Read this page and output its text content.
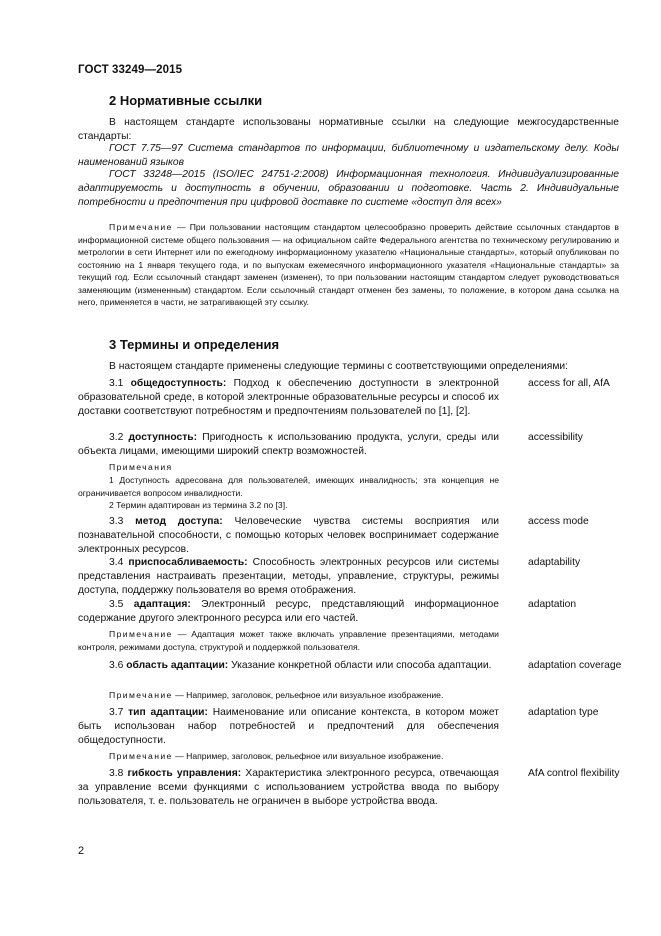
ГОСТ 33249—2015
2 Нормативные ссылки
В настоящем стандарте использованы нормативные ссылки на следующие межгосударственные стандарты:
ГОСТ 7.75—97 Система стандартов по информации, библиотечному и издательскому делу. Коды наименований языков
ГОСТ 33248—2015 (ISO/IEC 24751-2:2008) Информационная технология. Индивидуализированные адаптируемость и доступность в обучении, образовании и подготовке. Часть 2. Индивидуальные потребности и предпочтения при цифровой доставке по системе «доступ для всех»
Примечание — При пользовании настоящим стандартом целесообразно проверить действие ссылочных стандартов в информационной системе общего пользования — на официальном сайте Федерального агентства по техническому регулированию и метрологии в сети Интернет или по ежегодному информационному указателю «Национальные стандарты», который опубликован по состоянию на 1 января текущего года, и по выпускам ежемесячного информационного указателя «Национальные стандарты» за текущий год. Если ссылочный стандарт заменен (изменен), то при пользовании настоящим стандартом следует руководствоваться заменяющим (измененным) стандартом. Если ссылочный стандарт отменен без замены, то положение, в котором дана ссылка на него, применяется в части, не затрагивающей эту ссылку.
3 Термины и определения
В настоящем стандарте применены следующие термины с соответствующими определениями:
3.1 общедоступность: Подход к обеспечению доступности в электронной образовательной среде, в которой электронные образовательные ресурсы и способ их доставки соответствуют потребностям и предпочтениям пользователей по [1], [2].
access for all, AfA
3.2 доступность: Пригодность к использованию продукта, услуги, среды или объекта лицами, имеющими широкий спектр возможностей.
accessibility
Примечания
1 Доступность адресована для пользователей, имеющих инвалидность; эта концепция не ограничивается вопросом инвалидности.
2 Термин адаптирован из термина 3.2 по [3].
3.3 метод доступа: Человеческие чувства системы восприятия или познавательной способности, с помощью которых человек воспринимает содержание электронных ресурсов.
access mode
3.4 приспосабливаемость: Способность электронных ресурсов или системы представления настраивать презентации, методы, управление, структуры, режимы доступа, поддержку пользователя во время отображения.
adaptability
3.5 адаптация: Электронный ресурс, представляющий информационное содержание другого электронного ресурса или его частей.
adaptation
Примечание — Адаптация может также включать управление презентациями, методами контроля, режимами доступа, структурой и поддержкой пользователя.
3.6 область адаптации: Указание конкретной области или способа адаптации.	adaptation coverage
Примечание — Например, заголовок, рельефное или визуальное изображение.
3.7 тип адаптации: Наименование или описание контекста, в котором может быть использован набор потребностей и предпочтений для обеспечения общедоступности.
adaptation type
Примечание — Например, заголовок, рельефное или визуальное изображение.
3.8 гибкость управления: Характеристика электронного ресурса, отвечающая за управление всеми функциями с использованием устройства ввода по выбору пользователя, т. е. пользователь не ограничен в выборе устройства ввода.
AfA control flexibility
2
